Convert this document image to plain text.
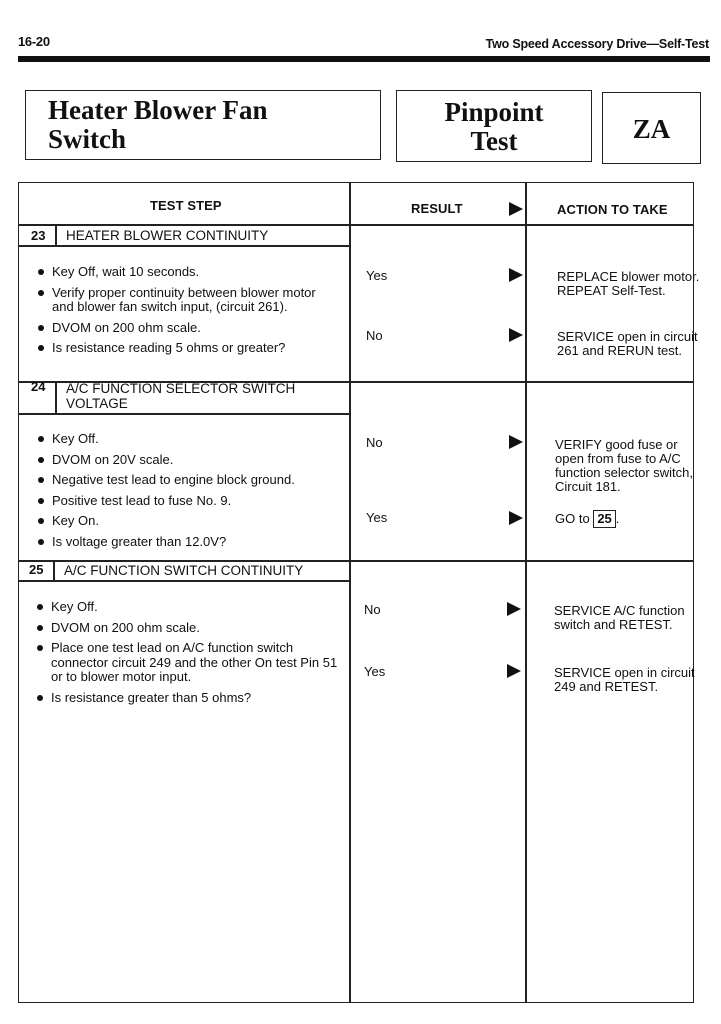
16-20	Two Speed Accessory Drive—Self-Test
Heater Blower Fan
Switch
Pinpoint
Test	ZA
TEST STEP	RESULT	ACTION TO TAKE
23 HEATER BLOWER CONTINUITY
Key Off, wait 10 seconds.
Verify proper continuity between blower motor and blower fan switch input, (circuit 261).
DVOM on 200 ohm scale.
Is resistance reading 5 ohms or greater?
Yes	REPLACE blower motor. REPEAT Self-Test.
No	SERVICE open in circuit 261 and RERUN test.
24 A/C FUNCTION SELECTOR SWITCH VOLTAGE
Key Off.
DVOM on 20V scale.
Negative test lead to engine block ground.
Positive test lead to fuse No. 9.
Key On.
Is voltage greater than 12.0V?
No	VERIFY good fuse or open from fuse to A/C function selector switch, Circuit 181.
Yes	GO to 25 .
25 A/C FUNCTION SWITCH CONTINUITY
Key Off.
DVOM on 200 ohm scale.
Place one test lead on A/C function switch connector circuit 249 and the other On test Pin 51 or to blower motor input.
Is resistance greater than 5 ohms?
No	SERVICE A/C function switch and RETEST.
Yes	SERVICE open in circuit 249 and RETEST.
